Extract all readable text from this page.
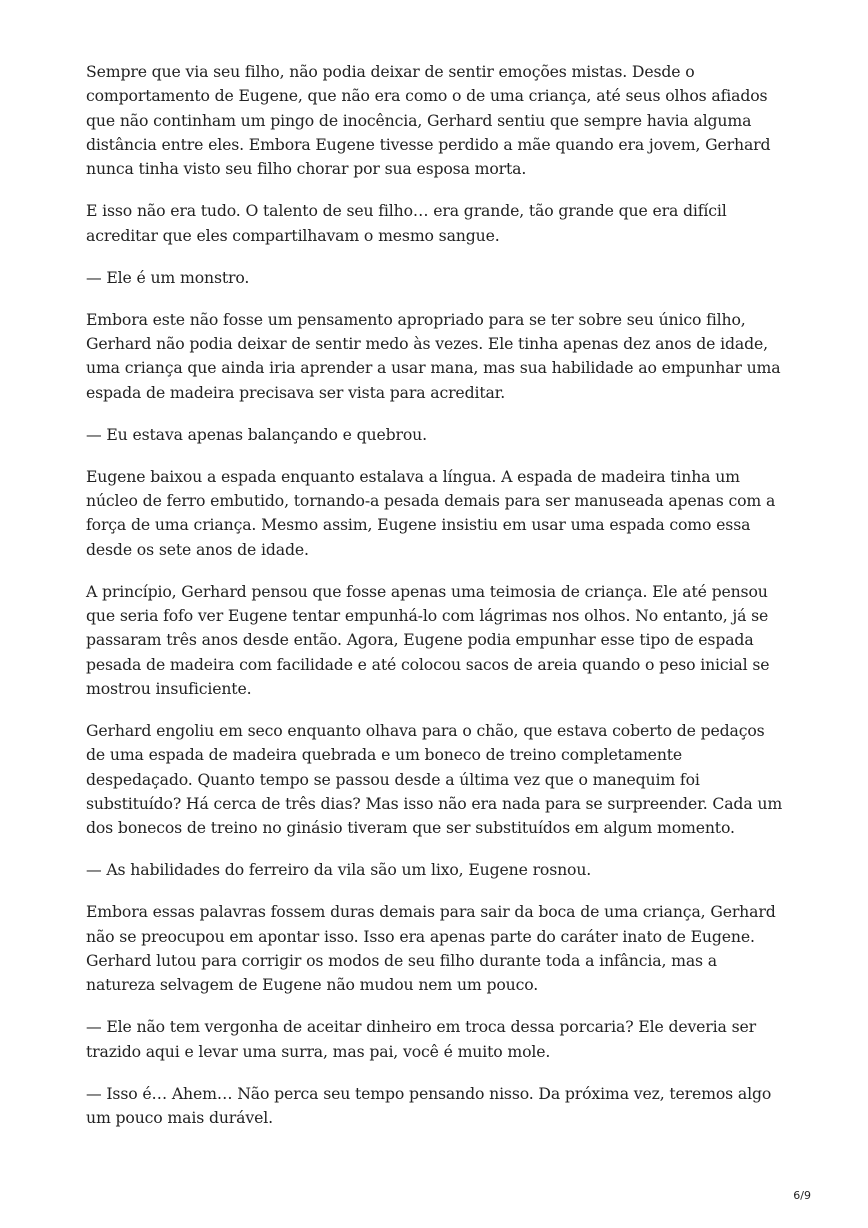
Sempre que via seu filho, não podia deixar de sentir emoções mistas. Desde o comportamento de Eugene, que não era como o de uma criança, até seus olhos afiados que não continham um pingo de inocência, Gerhard sentiu que sempre havia alguma distância entre eles. Embora Eugene tivesse perdido a mãe quando era jovem, Gerhard nunca tinha visto seu filho chorar por sua esposa morta.

E isso não era tudo. O talento de seu filho… era grande, tão grande que era difícil acreditar que eles compartilhavam o mesmo sangue.

— Ele é um monstro.

Embora este não fosse um pensamento apropriado para se ter sobre seu único filho, Gerhard não podia deixar de sentir medo às vezes. Ele tinha apenas dez anos de idade, uma criança que ainda iria aprender a usar mana, mas sua habilidade ao empunhar uma espada de madeira precisava ser vista para acreditar.

— Eu estava apenas balançando e quebrou.

Eugene baixou a espada enquanto estalava a língua. A espada de madeira tinha um núcleo de ferro embutido, tornando-a pesada demais para ser manuseada apenas com a força de uma criança. Mesmo assim, Eugene insistiu em usar uma espada como essa desde os sete anos de idade.

A princípio, Gerhard pensou que fosse apenas uma teimosia de criança. Ele até pensou que seria fofo ver Eugene tentar empunhá-lo com lágrimas nos olhos. No entanto, já se passaram três anos desde então. Agora, Eugene podia empunhar esse tipo de espada pesada de madeira com facilidade e até colocou sacos de areia quando o peso inicial se mostrou insuficiente.

Gerhard engoliu em seco enquanto olhava para o chão, que estava coberto de pedaços de uma espada de madeira quebrada e um boneco de treino completamente despedaçado. Quanto tempo se passou desde a última vez que o manequim foi substituído? Há cerca de três dias? Mas isso não era nada para se surpreender. Cada um dos bonecos de treino no ginásio tiveram que ser substituídos em algum momento.

— As habilidades do ferreiro da vila são um lixo, Eugene rosnou.

Embora essas palavras fossem duras demais para sair da boca de uma criança, Gerhard não se preocupou em apontar isso. Isso era apenas parte do caráter inato de Eugene. Gerhard lutou para corrigir os modos de seu filho durante toda a infância, mas a natureza selvagem de Eugene não mudou nem um pouco.

— Ele não tem vergonha de aceitar dinheiro em troca dessa porcaria? Ele deveria ser trazido aqui e levar uma surra, mas pai, você é muito mole.

— Isso é… Ahem… Não perca seu tempo pensando nisso. Da próxima vez, teremos algo um pouco mais durável.

6/9
